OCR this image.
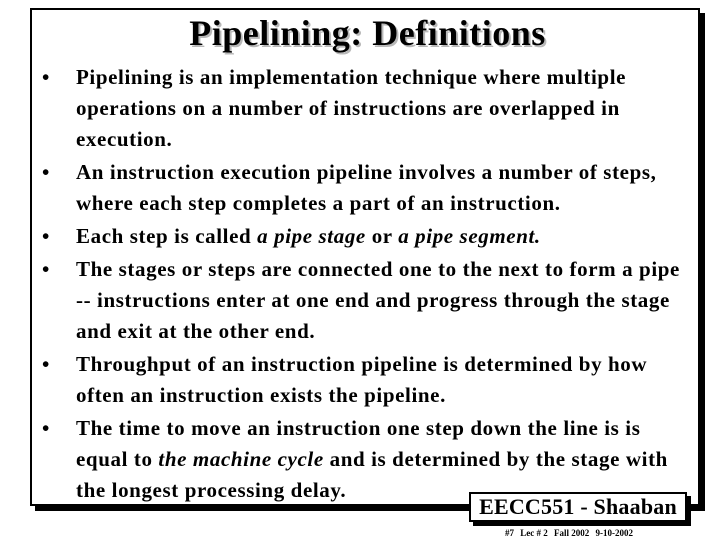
Pipelining: Definitions
• Pipelining is an implementation technique where multiple operations on a number of instructions are overlapped in execution.
• An instruction execution pipeline involves a number of steps, where each step completes a part of an instruction.
• Each step is called a pipe stage or a pipe segment.
• The stages or steps are connected one to the next to form a pipe -- instructions enter at one end and progress through the stage and exit at the other end.
• Throughput of an instruction pipeline is determined by how often an instruction exists the pipeline.
• The time to move an instruction one step down the line is is equal to the machine cycle and is determined by the stage with the longest processing delay.
EECC551 - Shaaban
#7 Lec # 2 Fall 2002 9-10-2002
